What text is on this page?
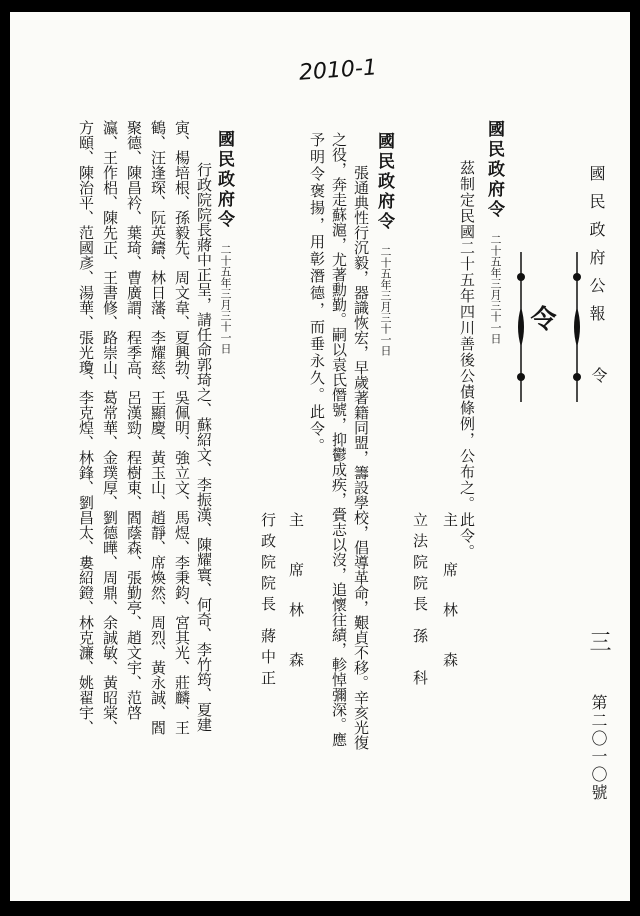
2010-1
國民政府公報
令
三
第二〇一〇號
令
國民政府令
二十五年三月三十一日
茲制定民國二十五年四川善後公債條例，公布之。此令。
主　席 林　森
立法院院長 孫　科
國民政府令
二十五年三月三十一日
張通典性行沉毅，器識恢宏，早歲著籍同盟，籌設學校，倡導革命，艱貞不移。辛亥光復
之役，奔走蘇滬，尤著勳勤。嗣以袁氏僭號，抑鬱成疾，賫志以沒，追懷往績，軫悼彌深。應
予明令褒揚，用彰潛德，而垂永久。此令。
主　席 林　森
行政院院長 蔣中正
國民政府令
二十五年三月三十一日
行政院院長蔣中正呈，請任命郭琦之、蘇紹文、李振漢、陳耀寰、何奇、李竹筠、夏建
寅、楊培根、孫毅先、周文韋、夏興勃、吳佩明、強立文、馬煜、李秉鈞、宮其光、莊麟、王
鶴、汪逢琛、阮英鑄、林日藩、李耀慈、王顯慶、黃玉山、趙靜、席煥然、周烈、黃永誠、閻
聚德、陳昌衿、葉琦、曹廣謂、程季高、呂漢勁、程樹東、閻蔭森、張勤亭、趙文宇、范啓
瀛、王作梠、陳先正、王書修、路崇山、葛常華、金璞厚、劉德曄、周鼎、余誠敏、黃昭棠、
方頤、陳治平、范國彥、湯華、張光瓊、李克煌、林鋒、劉昌太、婁紹鐙、林克濂、姚翟宇、
